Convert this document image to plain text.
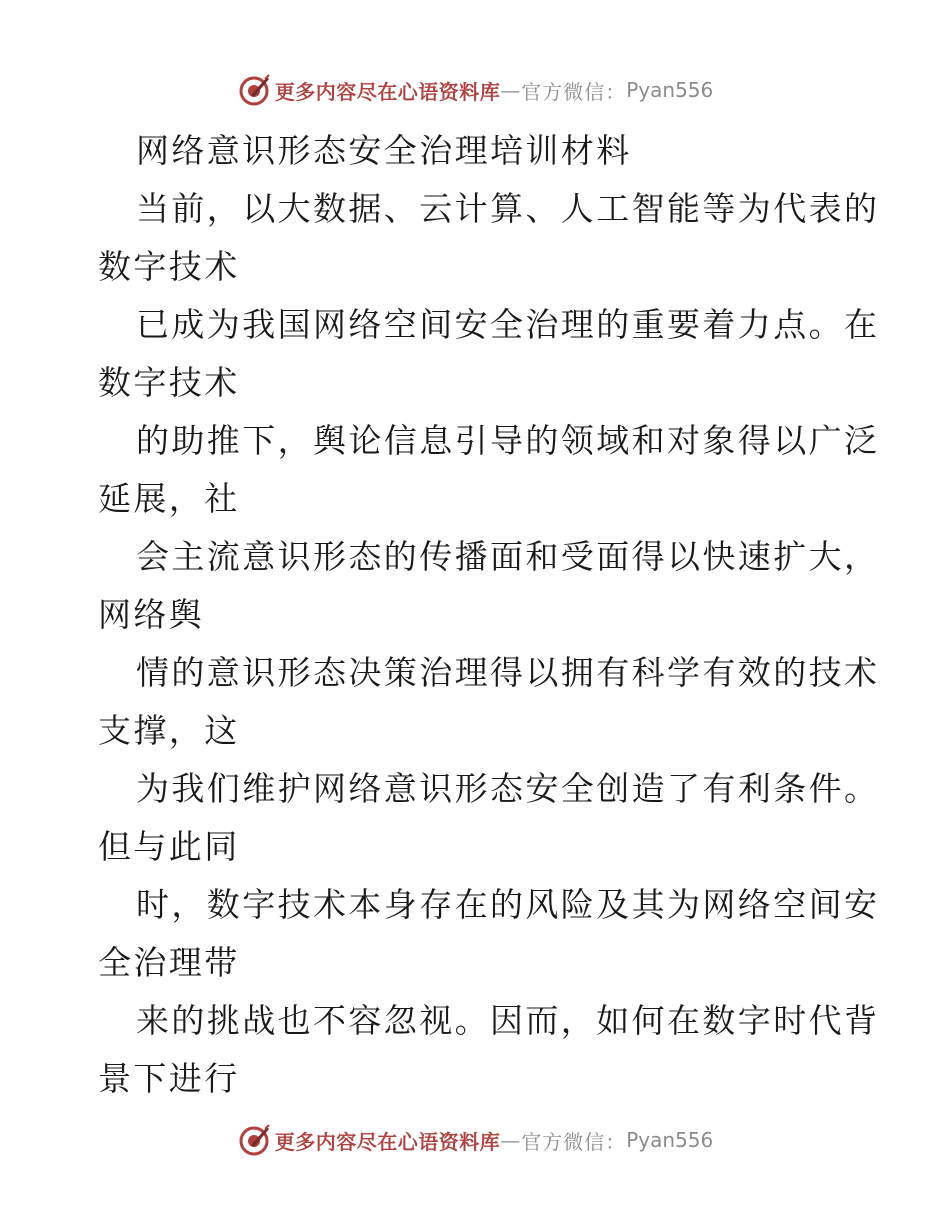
更多内容尽在心语资料库 — 官方微信： Pyan556
网络意识形态安全治理培训材料
当前，以大数据、云计算、人工智能等为代表的
数字技术
已成为我国网络空间安全治理的重要着力点。在
数字技术
的助推下，舆论信息引导的领域和对象得以广泛
延展，社
会主流意识形态的传播面和受面得以快速扩大，
网络舆
情的意识形态决策治理得以拥有科学有效的技术
支撑，这
为我们维护网络意识形态安全创造了有利条件。
但与此同
时，数字技术本身存在的风险及其为网络空间安
全治理带
来的挑战也不容忽视。因而，如何在数字时代背
景下进行
更多内容尽在心语资料库 — 官方微信： Pyan556
